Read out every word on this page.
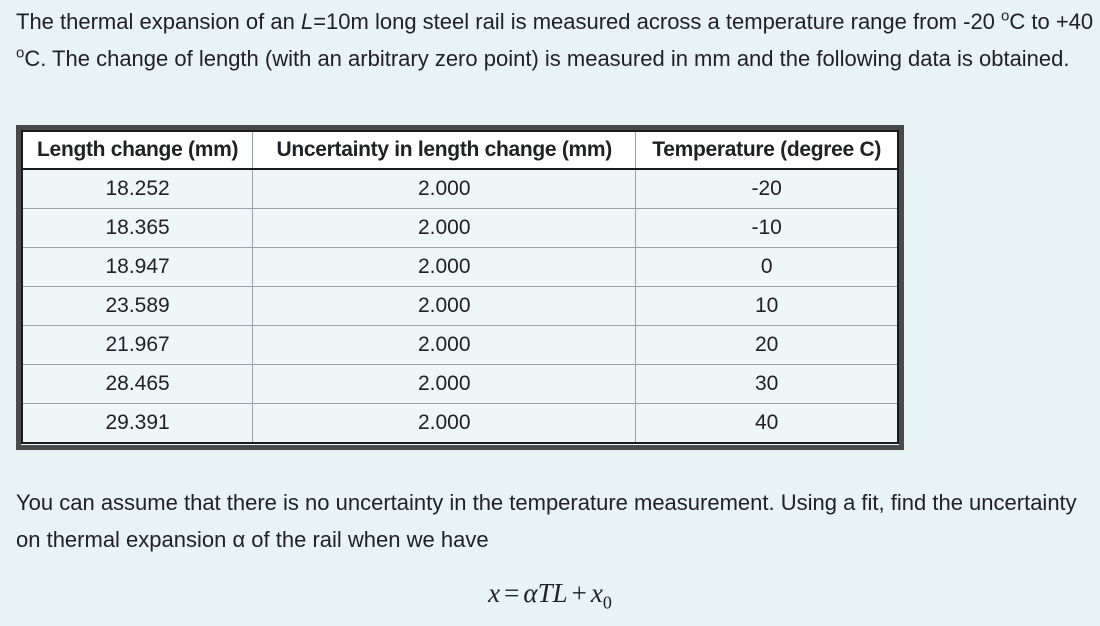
The thermal expansion of an L=10m long steel rail is measured across a temperature range from -20 $^o$C to +40 $^o$C. The change of length (with an arbitrary zero point) is measured in mm and the following data is obtained.

Length change (mm)	Uncertainty in length change (mm)	Temperature (degree C)
18.252	2.000	-20
18.365	2.000	-10
18.947	2.000	0
23.589	2.000	10
21.967	2.000	20
28.465	2.000	30
29.391	2.000	40

You can assume that there is no uncertainty in the temperature measurement. Using a fit, find the uncertainty on thermal expansion α of the rail when we have

$x = \alpha TL + x_0$
